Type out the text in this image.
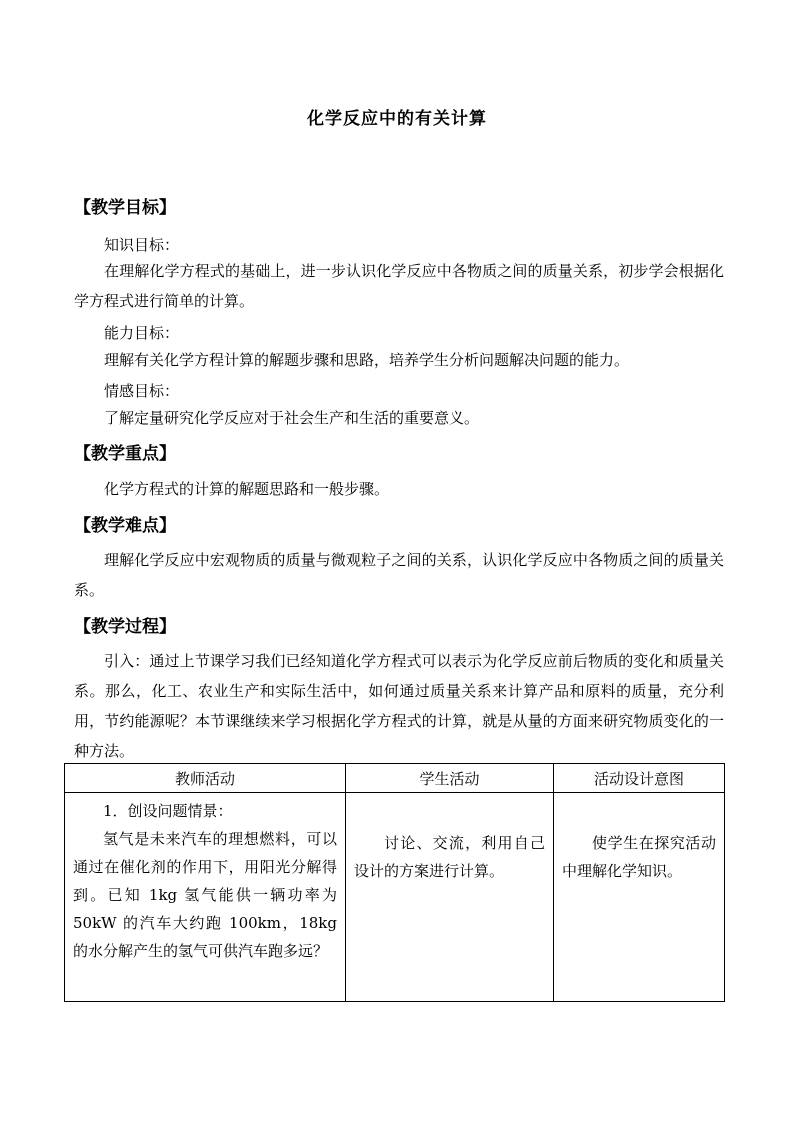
化学反应中的有关计算
【教学目标】
知识目标：
在理解化学方程式的基础上，进一步认识化学反应中各物质之间的质量关系，初步学会根据化学方程式进行简单的计算。
能力目标：
理解有关化学方程计算的解题步骤和思路，培养学生分析问题解决问题的能力。
情感目标：
了解定量研究化学反应对于社会生产和生活的重要意义。
【教学重点】
化学方程式的计算的解题思路和一般步骤。
【教学难点】
理解化学反应中宏观物质的质量与微观粒子之间的关系，认识化学反应中各物质之间的质量关系。
【教学过程】
引入：通过上节课学习我们已经知道化学方程式可以表示为化学反应前后物质的变化和质量关系。那么，化工、农业生产和实际生活中，如何通过质量关系来计算产品和原料的质量，充分利用，节约能源呢？本节课继续来学习根据化学方程式的计算，就是从量的方面来研究物质变化的一种方法。
教师活动	学生活动	活动设计意图

1．创设问题情景：
氢气是未来汽车的理想燃料，可以通过在催化剂的作用下，用阳光分解得到。已知 1kg 氢气能供一辆功率为 50kW 的汽车大约跑 100km，18kg 的水分解产生的氢气可供汽车跑多远？	讨论、交流，利用自己设计的方案进行计算。	使学生在探究活动中理解化学知识。
